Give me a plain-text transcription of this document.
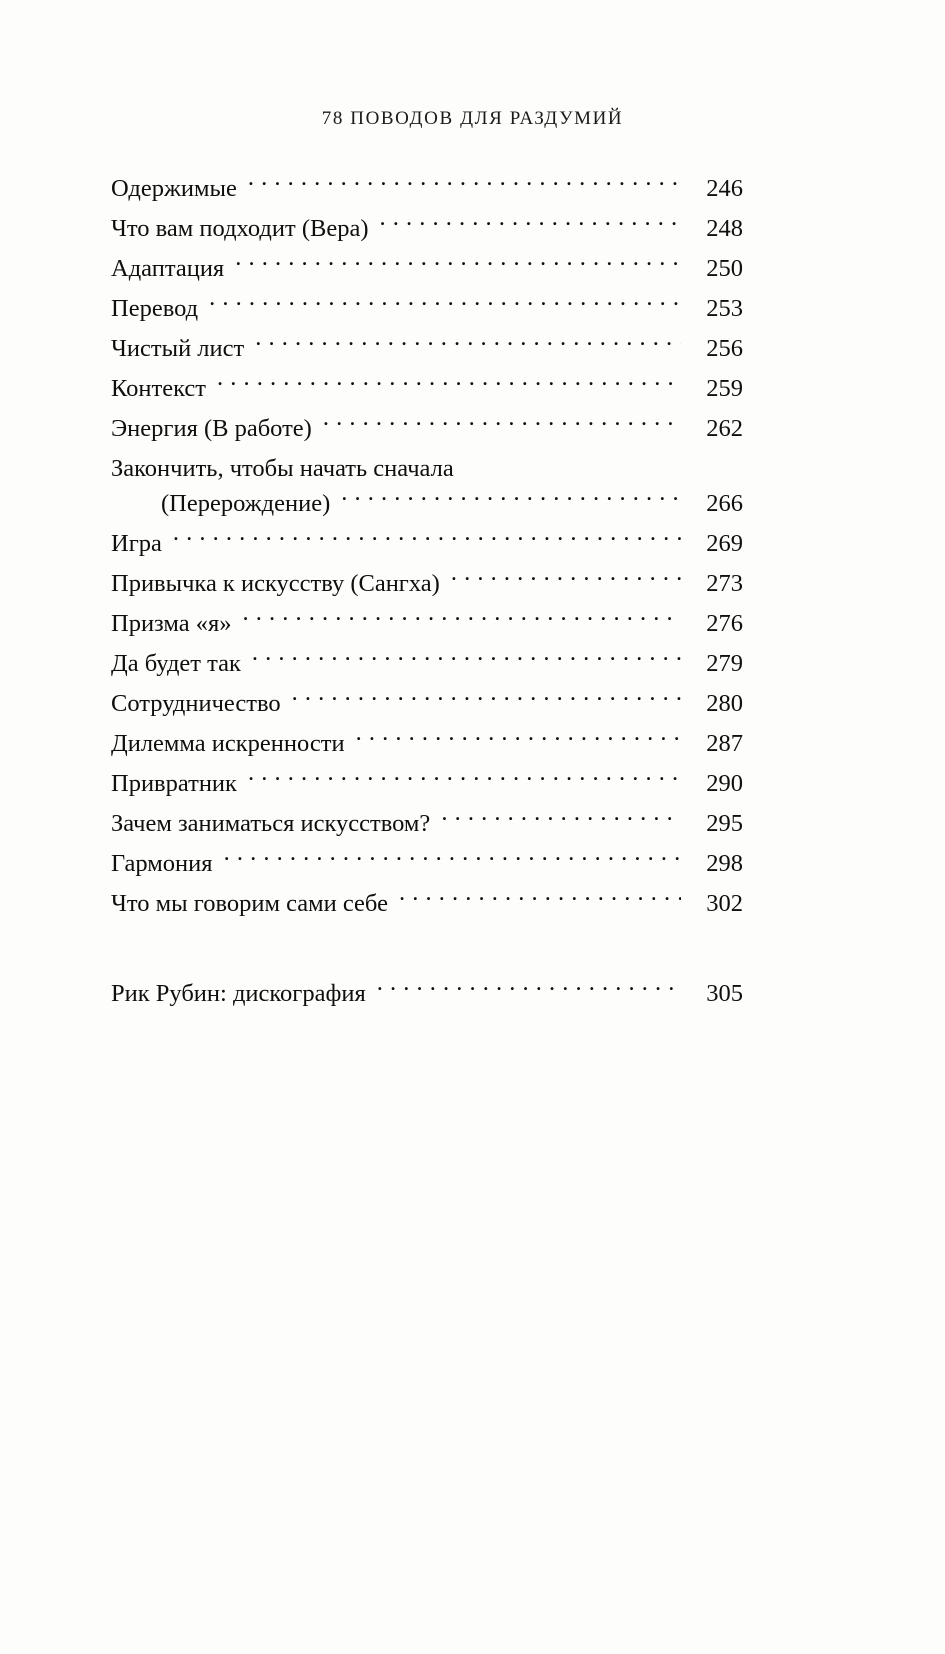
78 ПОВОДОВ ДЛЯ РАЗДУМИЙ
Одержимые . . .	246
Что вам подходит (Вера) . . .	248
Адаптация . . .	250
Перевод . . .	253
Чистый лист . . .	256
Контекст . . .	259
Энергия (В работе) . . .	262
Закончить, чтобы начать сначала
(Перерождение) . . .	266
Игра . . .	269
Привычка к искусству (Сангха) . . .	273
Призма «я» . . .	276
Да будет так . . .	279
Сотрудничество . . .	280
Дилемма искренности . . .	287
Привратник . . .	290
Зачем заниматься искусством? . . .	295
Гармония . . .	298
Что мы говорим сами себе . . .	302
Рик Рубин: дискография . . .	305
